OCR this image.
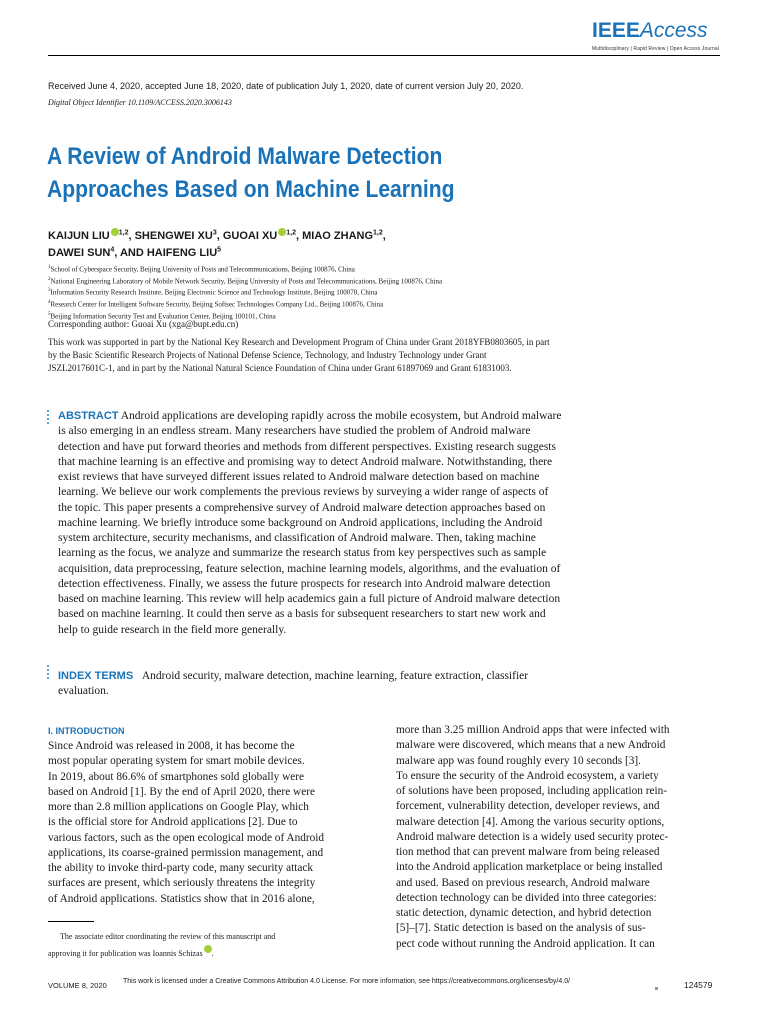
IEEEAccess
Multidisciplinary | Rapid Review | Open Access Journal
Received June 4, 2020, accepted June 18, 2020, date of publication July 1, 2020, date of current version July 20, 2020.
Digital Object Identifier 10.1109/ACCESS.2020.3006143
A Review of Android Malware Detection
Approaches Based on Machine Learning
KAIJUN LIU $^{1,2}$, SHENGWEI $XU^3$, GUOAI XU $^{1,2}$, MIAO ZHANG$^{1,2}$,
DAWEI SUN$^4$, AND HAIFENG LIU$^5$
$^1$School of Cyberspace Security, Beijing University of Posts and Telecommunications, Beijing 100876, China
$^2$National Engineering Laboratory of Mobile Network Security, Beijing University of Posts and Telecommunications, Beijing 100876, China
$^3$Information Security Research Institute, Beijing Electronic Science and Technology Institute, Beijing 100070, China
$^4$Research Center for Intelligent Software Security, Beijing Softsec Technologies Company Ltd., Beijing 100876, China
$^5$Beijing Information Security Test and Evaluation Center, Beijing 100101, China
Corresponding author: Guoai Xu (xga@bupt.edu.cn)
This work was supported in part by the National Key Research and Development Program of China under Grant 2018YFB0803605, in part
by the Basic Scientific Research Projects of National Defense Science, Technology, and Industry Technology under Grant
JSZL2017601C-1, and in part by the National Natural Science Foundation of China under Grant 61897069 and Grant 61831003.
ABSTRACT Android applications are developing rapidly across the mobile ecosystem, but Android malware
is also emerging in an endless stream. Many researchers have studied the problem of Android malware
detection and have put forward theories and methods from different perspectives. Existing research suggests
that machine learning is an effective and promising way to detect Android malware. Notwithstanding, there
exist reviews that have surveyed different issues related to Android malware detection based on machine
learning. We believe our work complements the previous reviews by surveying a wider range of aspects of
the topic. This paper presents a comprehensive survey of Android malware detection approaches based on
machine learning. We briefly introduce some background on Android applications, including the Android
system architecture, security mechanisms, and classification of Android malware. Then, taking machine
learning as the focus, we analyze and summarize the research status from key perspectives such as sample
acquisition, data preprocessing, feature selection, machine learning models, algorithms, and the evaluation of
detection effectiveness. Finally, we assess the future prospects for research into Android malware detection
based on machine learning. This review will help academics gain a full picture of Android malware detection
based on machine learning. It could then serve as a basis for subsequent researchers to start new work and
help to guide research in the field more generally.
INDEX TERMS Android security, malware detection, machine learning, feature extraction, classifier
evaluation.
I. INTRODUCTION
Since Android was released in 2008, it has become the
most popular operating system for smart mobile devices.
In 2019, about 86.6% of smartphones sold globally were
based on Android [1]. By the end of April 2020, there were
more than 2.8 million applications on Google Play, which
is the official store for Android applications [2]. Due to
various factors, such as the open ecological mode of Android
applications, its coarse-grained permission management, and
the ability to invoke third-party code, many security attack
surfaces are present, which seriously threatens the integrity
of Android applications. Statistics show that in 2016 alone,
more than 3.25 million Android apps that were infected with
malware were discovered, which means that a new Android
malware app was found roughly every 10 seconds [3].
To ensure the security of the Android ecosystem, a variety
of solutions have been proposed, including application rein-
forcement, vulnerability detection, developer reviews, and
malware detection [4]. Among the various security options,
Android malware detection is a widely used security protec-
tion method that can prevent malware from being released
into the Android application marketplace or being installed
and used. Based on previous research, Android malware
detection technology can be divided into three categories:
static detection, dynamic detection, and hybrid detection
[5]–[7]. Static detection is based on the analysis of sus-
pect code without running the Android application. It can
The associate editor coordinating the review of this manuscript and
approving it for publication was Ioannis Schizas .
VOLUME 8, 2020 This work is licensed under a Creative Commons Attribution 4.0 License. For more information, see https://creativecommons.org/licenses/by/4.0/	124579
